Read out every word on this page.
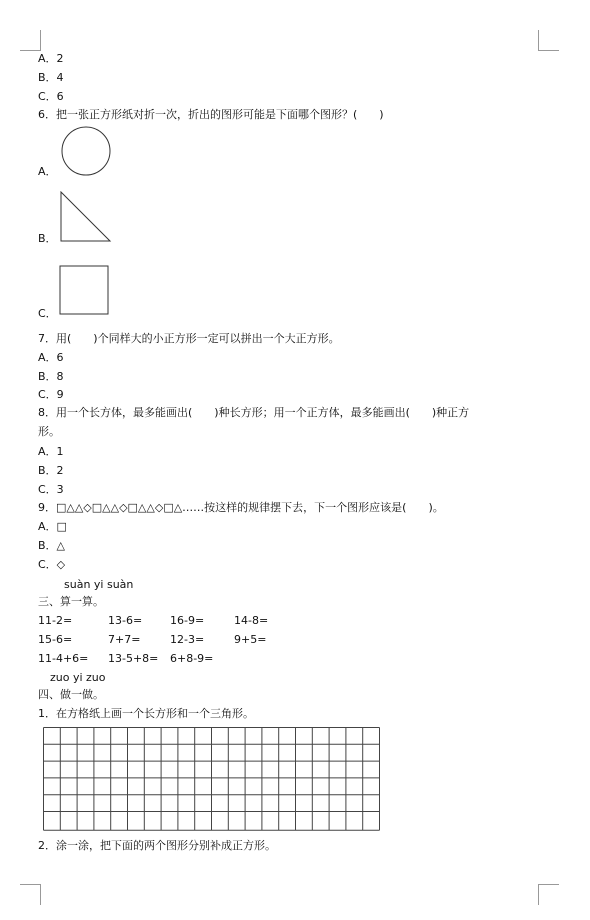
A．2
B．4
C．6
6．把一张正方形纸对折一次，折出的图形可能是下面哪个图形？(　　)
A．
B．
C．
7．用(　　)个同样大的小正方形一定可以拼出一个大正方形。
A．6
B．8
C．9
8．用一个长方体，最多能画出(　　)种长方形；用一个正方体，最多能画出(　　)种正方
形。
A．1
B．2
C．3
9．□△△◇□△△◇□△△◇□△……按这样的规律摆下去，下一个图形应该是(　　)。
A．□
B．△
C．◇
suàn yi suàn
三、算一算。
11-2=	13-6=	16-9=	14-8=
15-6=	7+7=	12-3=	9+5=
11-4+6= 13-5+8= 6+8-9=
zuo yi zuo
四、做一做。
1．在方格纸上画一个长方形和一个三角形。
2．涂一涂，把下面的两个图形分别补成正方形。
